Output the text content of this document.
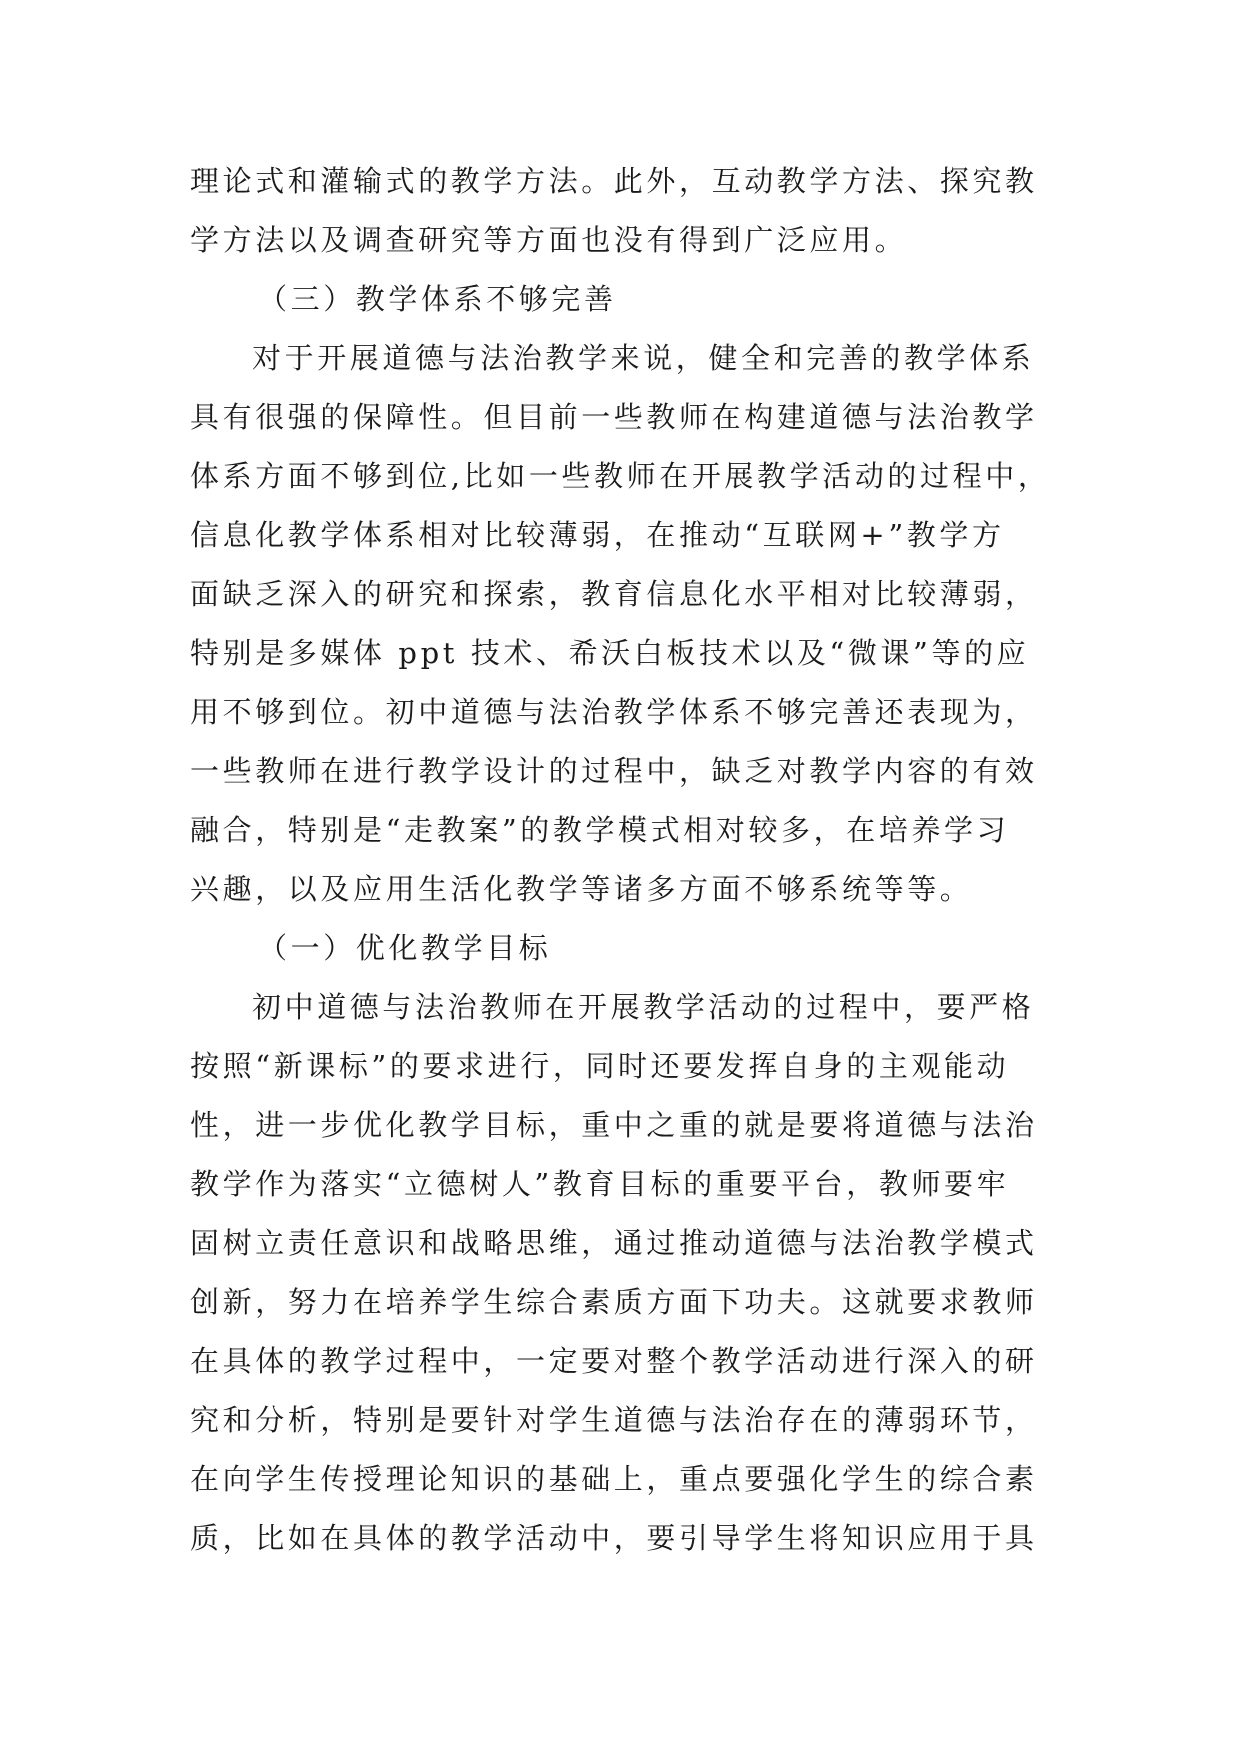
理论式和灌输式的教学方法。此外，互动教学方法、探究教
学方法以及调查研究等方面也没有得到广泛应用。
（三）教学体系不够完善
对于开展道德与法治教学来说，健全和完善的教学体系
具有很强的保障性。但目前一些教师在构建道德与法治教学
体系方面不够到位,比如一些教师在开展教学活动的过程中，
信息化教学体系相对比较薄弱，在推动“互联网+”教学方
面缺乏深入的研究和探索，教育信息化水平相对比较薄弱，
特别是多媒体 ppt 技术、希沃白板技术以及“微课”等的应
用不够到位。初中道德与法治教学体系不够完善还表现为，
一些教师在进行教学设计的过程中，缺乏对教学内容的有效
融合，特别是“走教案”的教学模式相对较多，在培养学习
兴趣，以及应用生活化教学等诸多方面不够系统等等。
（一）优化教学目标
初中道德与法治教师在开展教学活动的过程中，要严格
按照“新课标”的要求进行，同时还要发挥自身的主观能动
性，进一步优化教学目标，重中之重的就是要将道德与法治
教学作为落实“立德树人”教育目标的重要平台，教师要牢
固树立责任意识和战略思维，通过推动道德与法治教学模式
创新，努力在培养学生综合素质方面下功夫。这就要求教师
在具体的教学过程中，一定要对整个教学活动进行深入的研
究和分析，特别是要针对学生道德与法治存在的薄弱环节，
在向学生传授理论知识的基础上，重点要强化学生的综合素
质，比如在具体的教学活动中，要引导学生将知识应用于具
